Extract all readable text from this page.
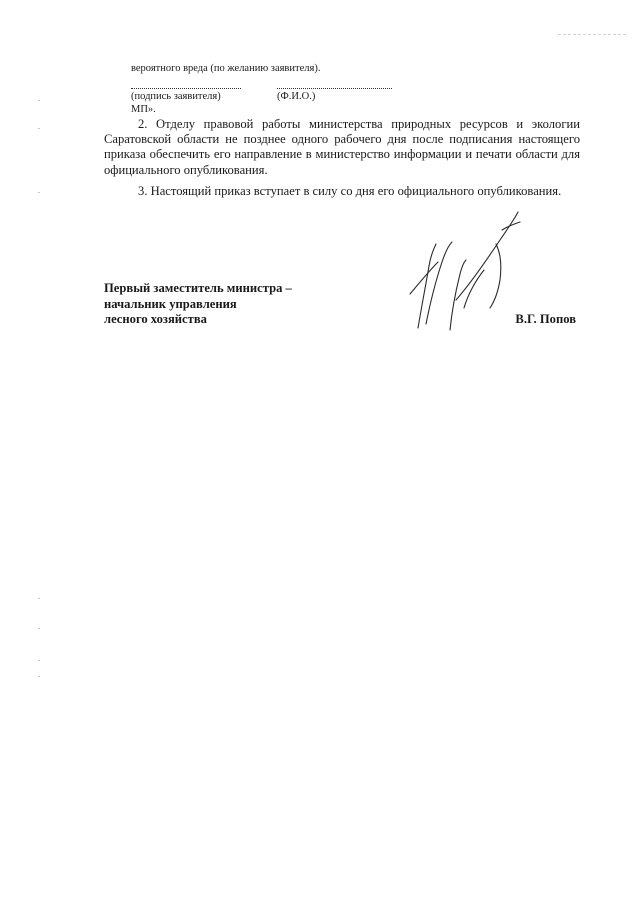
вероятного вреда (по желанию заявителя).
(подпись заявителя)	(Ф.И.О.)
МП».

2. Отделу правовой работы министерства природных ресурсов и экологии Саратовской области не позднее одного рабочего дня после подписания настоящего приказа обеспечить его направление в министерство информации и печати области для официального опубликования.

3. Настоящий приказ вступает в силу со дня его официального опубликования.

Первый заместитель министра –
начальник управления
лесного хозяйства	В.Г. Попов
